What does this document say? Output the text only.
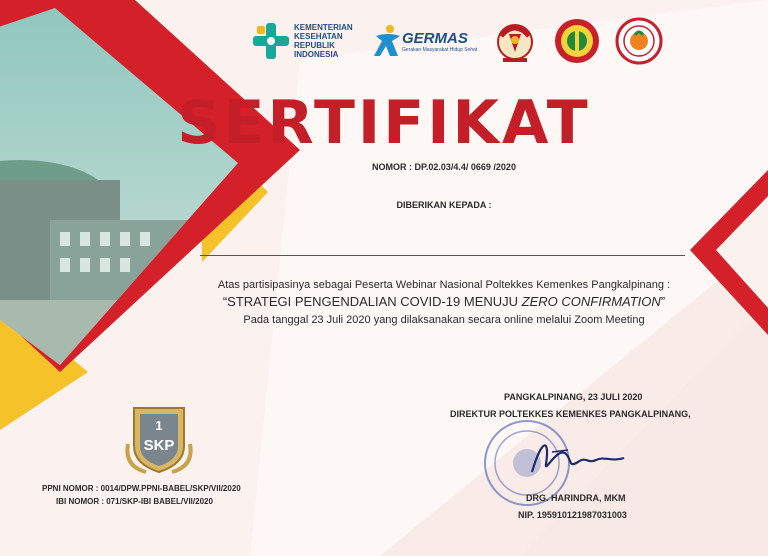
KEMENTERIAN
KESEHATAN
REPUBLIK
INDONESIA
GERMAS
Gerakan Masyarakat Hidup Sehat
SERTIFIKAT
NOMOR : DP.02.03/4.4/ 0669 /2020
DIBERIKAN KEPADA :
Atas partisipasinya sebagai Peserta Webinar Nasional Poltekkes Kemenkes Pangkalpinang :
“STRATEGI PENGENDALIAN COVID-19 MENUJU ZERO CONFIRMATION”
Pada tanggal 23 Juli 2020 yang dilaksanakan secara online melalui Zoom Meeting
PANGKALPINANG, 23 JULI 2020
DIREKTUR POLTEKKES KEMENKES PANGKALPINANG,
DRG. HARINDRA, MKM
NIP. 195910121987031003
1
SKP
PPNI NOMOR : 0014/DPW.PPNI-BABEL/SKP/VII/2020
IBI NOMOR : 071/SKP-IBI BABEL/VII/2020
